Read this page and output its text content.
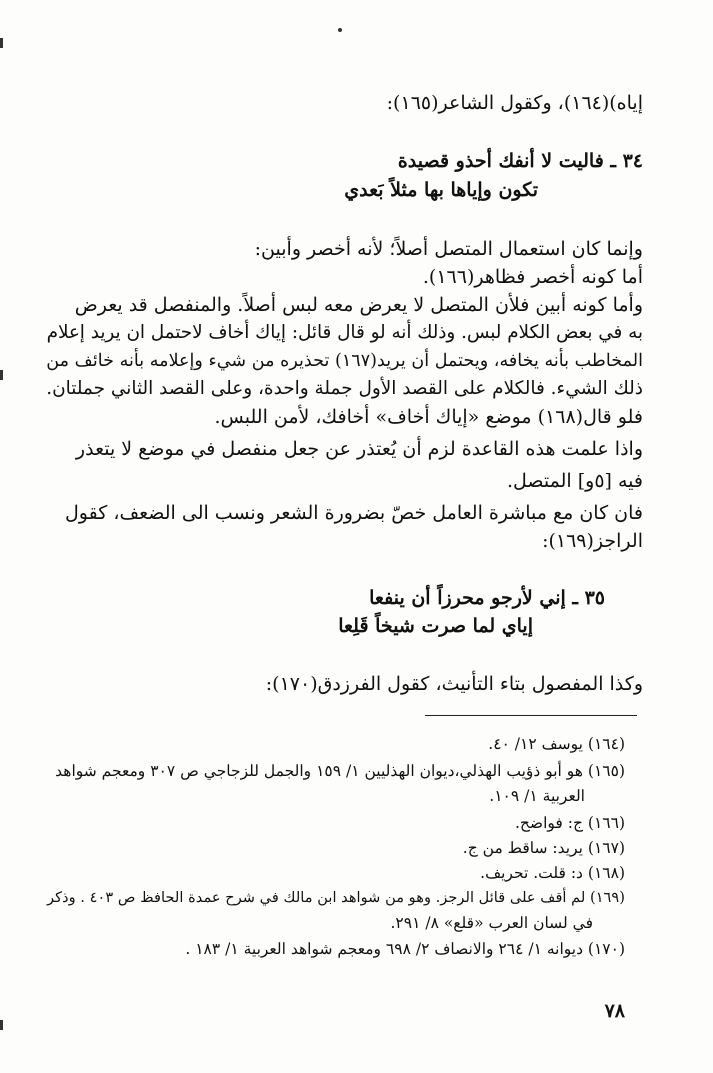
إياه)(١٦٤)، وكقول الشاعر(١٦٥):
٣٤ ـ فاليت لا أنفك أحذو قصيدة
تكون وإياها بها مثلاً بَعدي
وإنما كان استعمال المتصل أصلاً؛ لأنه أخصر وأبين:
أما كونه أخصر فظاهر(١٦٦).
وأما كونه أبين فلأن المتصل لا يعرض معه لبس أصلاً. والمنفصل قد يعرض
به في بعض الكلام لبس. وذلك أنه لو قال قائل: إياك أخاف لاحتمل ان يريد إعلام
المخاطب بأنه يخافه، ويحتمل أن يريد(١٦٧) تحذيره من شيء وإعلامه بأنه خائف من
ذلك الشيء. فالكلام على القصد الأول جملة واحدة، وعلى القصد الثاني جملتان.
فلو قال(١٦٨) موضع «إياك أخاف» أخافك، لأمن اللبس.
واذا علمت هذه القاعدة لزم أن يُعتذر عن جعل منفصل في موضع لا يتعذر
فيه [٥و] المتصل.
فان كان مع مباشرة العامل خصّ بضرورة الشعر ونسب الى الضعف، كقول
الراجز(١٦٩):
٣٥ ـ إني لأرجو محرزاً أن ينفعا
إياي لما صرت شيخاً قَلِعا
وكذا المفصول بتاء التأنيث، كقول الفرزدق(١٧٠):
(١٦٤) يوسف ١٢/ ٤٠.
(١٦٥) هو أبو ذؤيب الهذلي،ديوان الهذليين ١/ ١٥٩ والجمل للزجاجي ص ٣٠٧ ومعجم شواهد
العربية ١/ ١٠٩.
(١٦٦) ج: فواضح.
(١٦٧) يريد: ساقط من ج.
(١٦٨) د: قلت. تحريف.
(١٦٩) لم أقف على قائل الرجز. وهو من شواهد ابن مالك في شرح عمدة الحافظ ص ٤٠٣ . وذكر
في لسان العرب «قلع» ٨/ ٢٩١.
(١٧٠) ديوانه ١/ ٢٦٤ والانصاف ٢/ ٦٩٨ ومعجم شواهد العربية ١/ ١٨٣ .
٧٨
